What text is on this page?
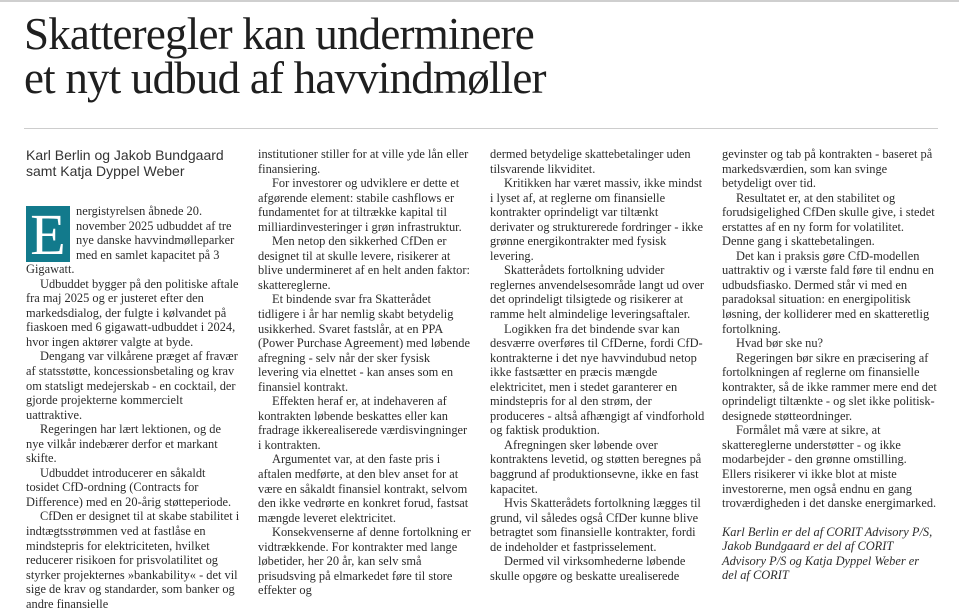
Skatteregler kan underminere
et nyt udbud af havvindmøller
Karl Berlin og Jakob Bundgaard
samt Katja Dyppel Weber

E nergistyrelsen åbnede 20. november 2025 udbuddet af tre nye danske havvindmølleparker med en samlet kapacitet på 3 Gigawatt.

Udbuddet bygger på den politiske aftale fra maj 2025 og er justeret efter den markedsdialog, der fulgte i kølvandet på fiaskoen med 6 gigawatt-udbuddet i 2024, hvor ingen aktører valgte at byde.

Dengang var vilkårene præget af fravær af statsstøtte, koncessionsbetaling og krav om statsligt medejerskab - en cocktail, der gjorde projekterne kommercielt uattraktive.

Regeringen har lært lektionen, og de nye vilkår indebærer derfor et markant skifte.

Udbuddet introducerer en såkaldt tosidet CfD-ordning (Contracts for Difference) med en 20-årig støtteperiode.

CfDen er designet til at skabe stabilitet i indtægtsstrømmen ved at fastlåse en mindstepris for elektriciteten, hvilket reducerer risikoen for prisvolatilitet og styrker projekternes »bankability« - det vil sige de krav og standarder, som banker og andre finansielle

institutioner stiller for at ville yde lån eller finansiering.

For investorer og udviklere er dette et afgørende element: stabile cashflows er fundamentet for at tiltrække kapital til milliardinvesteringer i grøn infrastruktur.

Men netop den sikkerhed CfDen er designet til at skulle levere, risikerer at blive undermineret af en helt anden faktor: skattereglerne.

Et bindende svar fra Skatterådet tidligere i år har nemlig skabt betydelig usikkerhed. Svaret fastslår, at en PPA (Power Purchase Agreement) med løbende afregning - selv når der sker fysisk levering via elnettet - kan anses som en finansiel kontrakt.

Effekten heraf er, at indehaveren af kontrakten løbende beskattes eller kan fradrage ikkerealiserede værdisvingninger i kontrakten.

Argumentet var, at den faste pris i aftalen medførte, at den blev anset for at være en såkaldt finansiel kontrakt, selvom den ikke vedrørte en konkret forud, fastsat mængde leveret elektricitet.

Konsekvenserne af denne fortolkning er vidtrækkende. For kontrakter med lange løbetider, her 20 år, kan selv små prisudsving på elmarkedet føre til store effekter og

dermed betydelige skattebetalinger uden tilsvarende likviditet.

Kritikken har været massiv, ikke mindst i lyset af, at reglerne om finansielle kontrakter oprindeligt var tiltænkt derivater og strukturerede fordringer - ikke grønne energikontrakter med fysisk levering.

Skatterådets fortolkning udvider reglernes anvendelsesområde langt ud over det oprindeligt tilsigtede og risikerer at ramme helt almindelige leveringsaftaler.

Logikken fra det bindende svar kan desværre overføres til CfDerne, fordi CfD-kontrakterne i det nye havvindubud netop ikke fastsætter en præcis mængde elektricitet, men i stedet garanterer en mindstepris for al den strøm, der produceres - altså afhængigt af vindforhold og faktisk produktion.

Afregningen sker løbende over kontraktens levetid, og støtten beregnes på baggrund af produktionsevne, ikke en fast kapacitet.

Hvis Skatterådets fortolkning lægges til grund, vil således også CfDer kunne blive betragtet som finansielle kontrakter, fordi de indeholder et fastprisselement.

Dermed vil virksomhederne løbende skulle opgøre og beskatte urealiserede

gevinster og tab på kontrakten - baseret på markedsværdien, som kan svinge betydeligt over tid.

Resultatet er, at den stabilitet og forudsigelighed CfDen skulle give, i stedet erstattes af en ny form for volatilitet. Denne gang i skattebetalingen.

Det kan i praksis gøre CfD-modellen uattraktiv og i værste fald føre til endnu en udbudsfiasko. Dermed står vi med en paradoksal situation: en energipolitisk løsning, der kolliderer med en skatteretlig fortolkning.

Hvad bør ske nu?

Regeringen bør sikre en præcisering af fortolkningen af reglerne om finansielle kontrakter, så de ikke rammer mere end det oprindeligt tiltænkte - og slet ikke politisk-designede støtteordninger.

Formålet må være at sikre, at skattereglerne understøtter - og ikke modarbejder - den grønne omstilling. Ellers risikerer vi ikke blot at miste investorerne, men også endnu en gang troværdigheden i det danske energimarked.

Karl Berlin er del af CORIT Advisory P/S, Jakob Bundgaard er del af CORIT Advisory P/S og Katja Dyppel Weber er del af CORIT
